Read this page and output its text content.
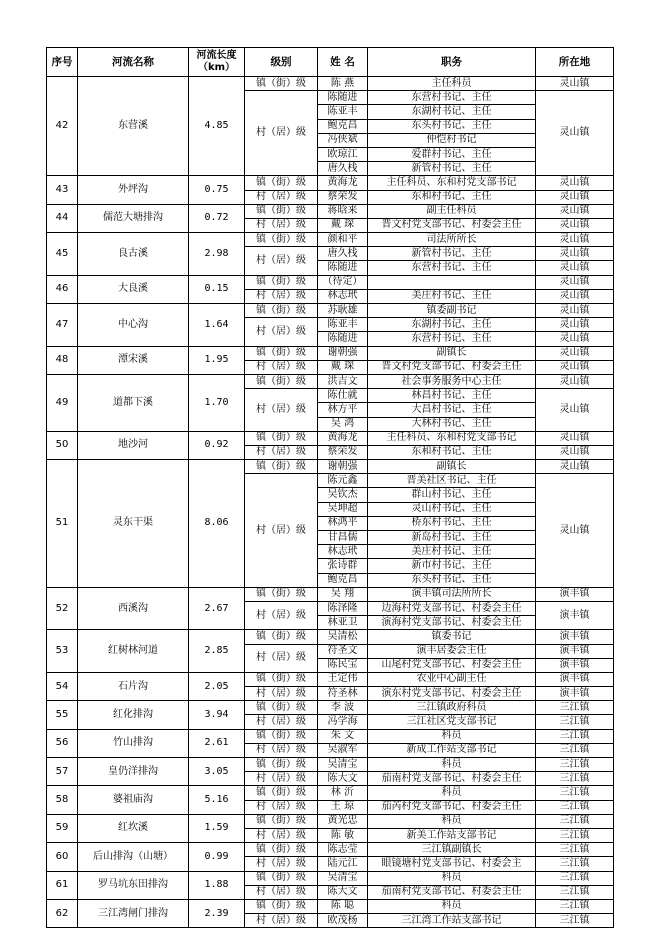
序号	河流名称	河流长度
（km）	级别	姓 名	职务	所在地
42	东营溪	4.85	镇（街）级	陈 燕	主任科员	灵山镇
			村（居）级	陈随进	东营村书记、主任	灵山镇
				陈亚丰	东湖村书记、主任	
				鲍克昌	东头村书记、主任	
				冯侠斌	仲恺村书记	
				欧琼江	爱群村书记、主任	
				唐久栈	新管村书记、主任	
43	外坪沟	0.75	镇（街）级	黄海龙	主任科员、东和村党支部书记	灵山镇
			村（居）级	蔡荣发	东和村书记、主任	灵山镇
44	儒范大塘排沟	0.72	镇（街）级	蒋晗来	副主任科员	灵山镇
			村（居）级	戴 琛	晋文村党支部书记、村委会主任	灵山镇
45	良古溪	2.98	镇（街）级	颜和平	司法所所长	灵山镇
			村（居）级	唐久栈	新管村书记、主任	灵山镇
				陈随进	东营村书记、主任	灵山镇
46	大良溪	0.15	镇（街）级	（待定）		灵山镇
			村（居）级	林志玳	美庄村书记、主任	灵山镇
47	中心沟	1.64	镇（街）级	苏耿雄	镇委副书记	灵山镇
			村（居）级	陈亚丰	东湖村书记、主任	灵山镇
				陈随进	东营村书记、主任	灵山镇
48	潭宋溪	1.95	镇（街）级	谢朝强	副镇长	灵山镇
			村（居）级	戴 琛	晋文村党支部书记、村委会主任	灵山镇
49	道都下溪	1.70	镇（街）级	洪吉文	社会事务服务中心主任	灵山镇
			村（居）级	陈仕就	林昌村书记、主任	灵山镇
				林方平	大昌村书记、主任	
				吴 鸿	大林村书记、主任	
50	地沙河	0.92	镇（街）级	黄海龙	主任科员、东和村党支部书记	灵山镇
			村（居）级	蔡荣发	东和村书记、主任	灵山镇
51	灵东干渠	8.06	镇（街）级	谢朝强	副镇长	灵山镇
			村（居）级	陈元鑫	晋美社区书记、主任	灵山镇
				吴钦杰	群山村书记、主任	
				吴坤超	灵山村书记、主任	
				林鸿平	桥东村书记、主任	
				甘昌儒	新岛村书记、主任	
				林志玳	美庄村书记、主任	
				张诗群	新市村书记、主任	
				鲍克昌	东头村书记、主任	
52	西溪沟	2.67	镇（街）级	吴 翔	演丰镇司法所所长	演丰镇
			村（居）级	陈泽隆	边海村党支部书记、村委会主任	演丰镇
				林亚卫	演海村党支部书记、村委会主任	
53	红树林河道	2.85	镇（街）级	吴清松	镇委书记	演丰镇
			村（居）级	符圣文	演丰居委会主任	演丰镇
				陈民宝	山尾村党支部书记、村委会主任	演丰镇
54	石片沟	2.05	镇（街）级	王定伟	农业中心副主任	演丰镇
			村（居）级	符圣林	演东村党支部书记、村委会主任	演丰镇
55	红化排沟	3.94	镇（街）级	李 波	三江镇政府科员	三江镇
			村（居）级	冯学海	三江社区党支部书记	三江镇
56	竹山排沟	2.61	镇（街）级	朱 文	科员	三江镇
			村（居）级	吴淑军	新成工作站支部书记	三江镇
57	皇仍洋排沟	3.05	镇（街）级	吴清宝	科员	三江镇
			村（居）级	陈大文	茄南村党支部书记、村委会主任	三江镇
58	婆祖庙沟	5.16	镇（街）级	林 沂	科员	三江镇
			村（居）级	王 琼	茄芮村党支部书记、村委会主任	三江镇
59	红坎溪	1.59	镇（街）级	黄光忠	科员	三江镇
			村（居）级	陈 敏	新美工作站支部书记	三江镇
60	后山排沟（山塘）	0.99	镇（街）级	陈志莹	三江镇副镇长	三江镇
			村（居）级	陆元江	眼镜塘村党支部书记、村委会主	三江镇
61	罗马坑东田排沟	1.88	镇（街）级	吴清宝	科员	三江镇
			村（居）级	陈大文	茄南村党支部书记、村委会主任	三江镇
62	三江湾闸门排沟	2.39	镇（街）级	陈 聪	科员	三江镇
			村（居）级	欧茂杨	三江湾工作站支部书记	三江镇
